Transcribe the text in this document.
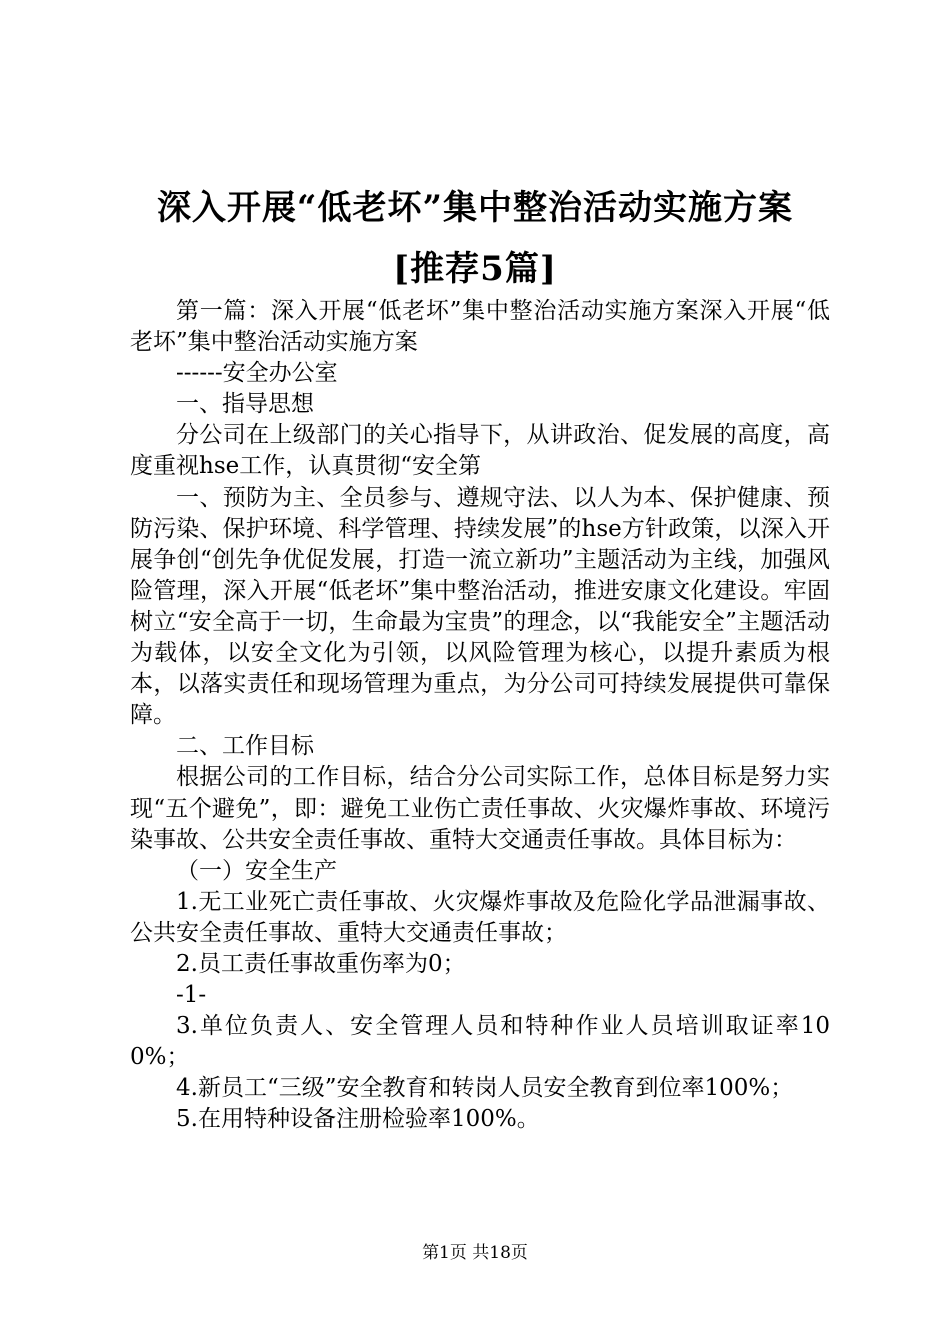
深入开展“低老坏”集中整治活动实施方案
[推荐5篇]

第一篇：深入开展“低老坏”集中整治活动实施方案深入开展“低老坏”集中整治活动实施方案

------安全办公室

一、指导思想

分公司在上级部门的关心指导下，从讲政治、促发展的高度，高度重视hse工作，认真贯彻“安全第

一、预防为主、全员参与、遵规守法、以人为本、保护健康、预防污染、保护环境、科学管理、持续发展”的hse方针政策，以深入开展争创“创先争优促发展，打造一流立新功”主题活动为主线，加强风险管理，深入开展“低老坏”集中整治活动，推进安康文化建设。牢固树立“安全高于一切，生命最为宝贵”的理念，以“我能安全”主题活动为载体，以安全文化为引领，以风险管理为核心，以提升素质为根本，以落实责任和现场管理为重点，为分公司可持续发展提供可靠保障。

二、工作目标

根据公司的工作目标，结合分公司实际工作，总体目标是努力实现“五个避免”，即：避免工业伤亡责任事故、火灾爆炸事故、环境污染事故、公共安全责任事故、重特大交通责任事故。具体目标为：

（一）安全生产

1.无工业死亡责任事故、火灾爆炸事故及危险化学品泄漏事故、公共安全责任事故、重特大交通责任事故；

2.员工责任事故重伤率为0；

-1-

3.单位负责人、安全管理人员和特种作业人员培训取证率100%；

4.新员工“三级”安全教育和转岗人员安全教育到位率100%；

5.在用特种设备注册检验率100%。

第1页 共18页
